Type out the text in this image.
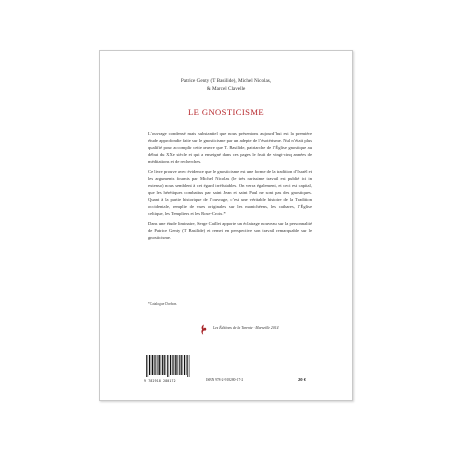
Patrice Genty (T Basilide), Michel Nicolas,
& Marcel Clavelle
LE GNOSTICISME

L’ouvrage condensé mais substantiel que nous présentons aujourd’hui est la première étude approfondie faite sur le gnosticisme par un adepte de l’ésotérisme. Nul n’était plus qualifié pour accomplir cette œuvre que T. Basilide, patriarche de l’Église gnostique au début du XXe siècle et qui a enseigné dans ces pages le fruit de vingt-cinq années de méditations et de recherches.

Ce livre prouve avec évidence que le gnosticisme est une forme de la tradition d’Israël et les arguments fournis par Michel Nicolas (le très rarissime travail est publié ici in extenso) nous semblent à cet égard irréfutables. On verra également, et ceci est capital, que les hérétiques combattus par saint Jean et saint Paul ne sont pas des gnostiques. Quant à la partie historique de l’ouvrage, c’est une véritable histoire de la Tradition occidentale, remplie de vues originales sur les manichéens, les cathares, l’Église celtique, les Templiers et les Rose-Croix.*

Dans une étude liminaire, Serge Caillet apporte un éclairage nouveau sur la personnalité de Patrice Genty (T Basilide) et remet en perspective son travail remarquable sur le gnosticisme.

*Catalogue Dorbon.
Les Éditions de la Tarente · Marseille 2014
9 782918 280172	ISBN 978-2-918280-17-2	20 €
